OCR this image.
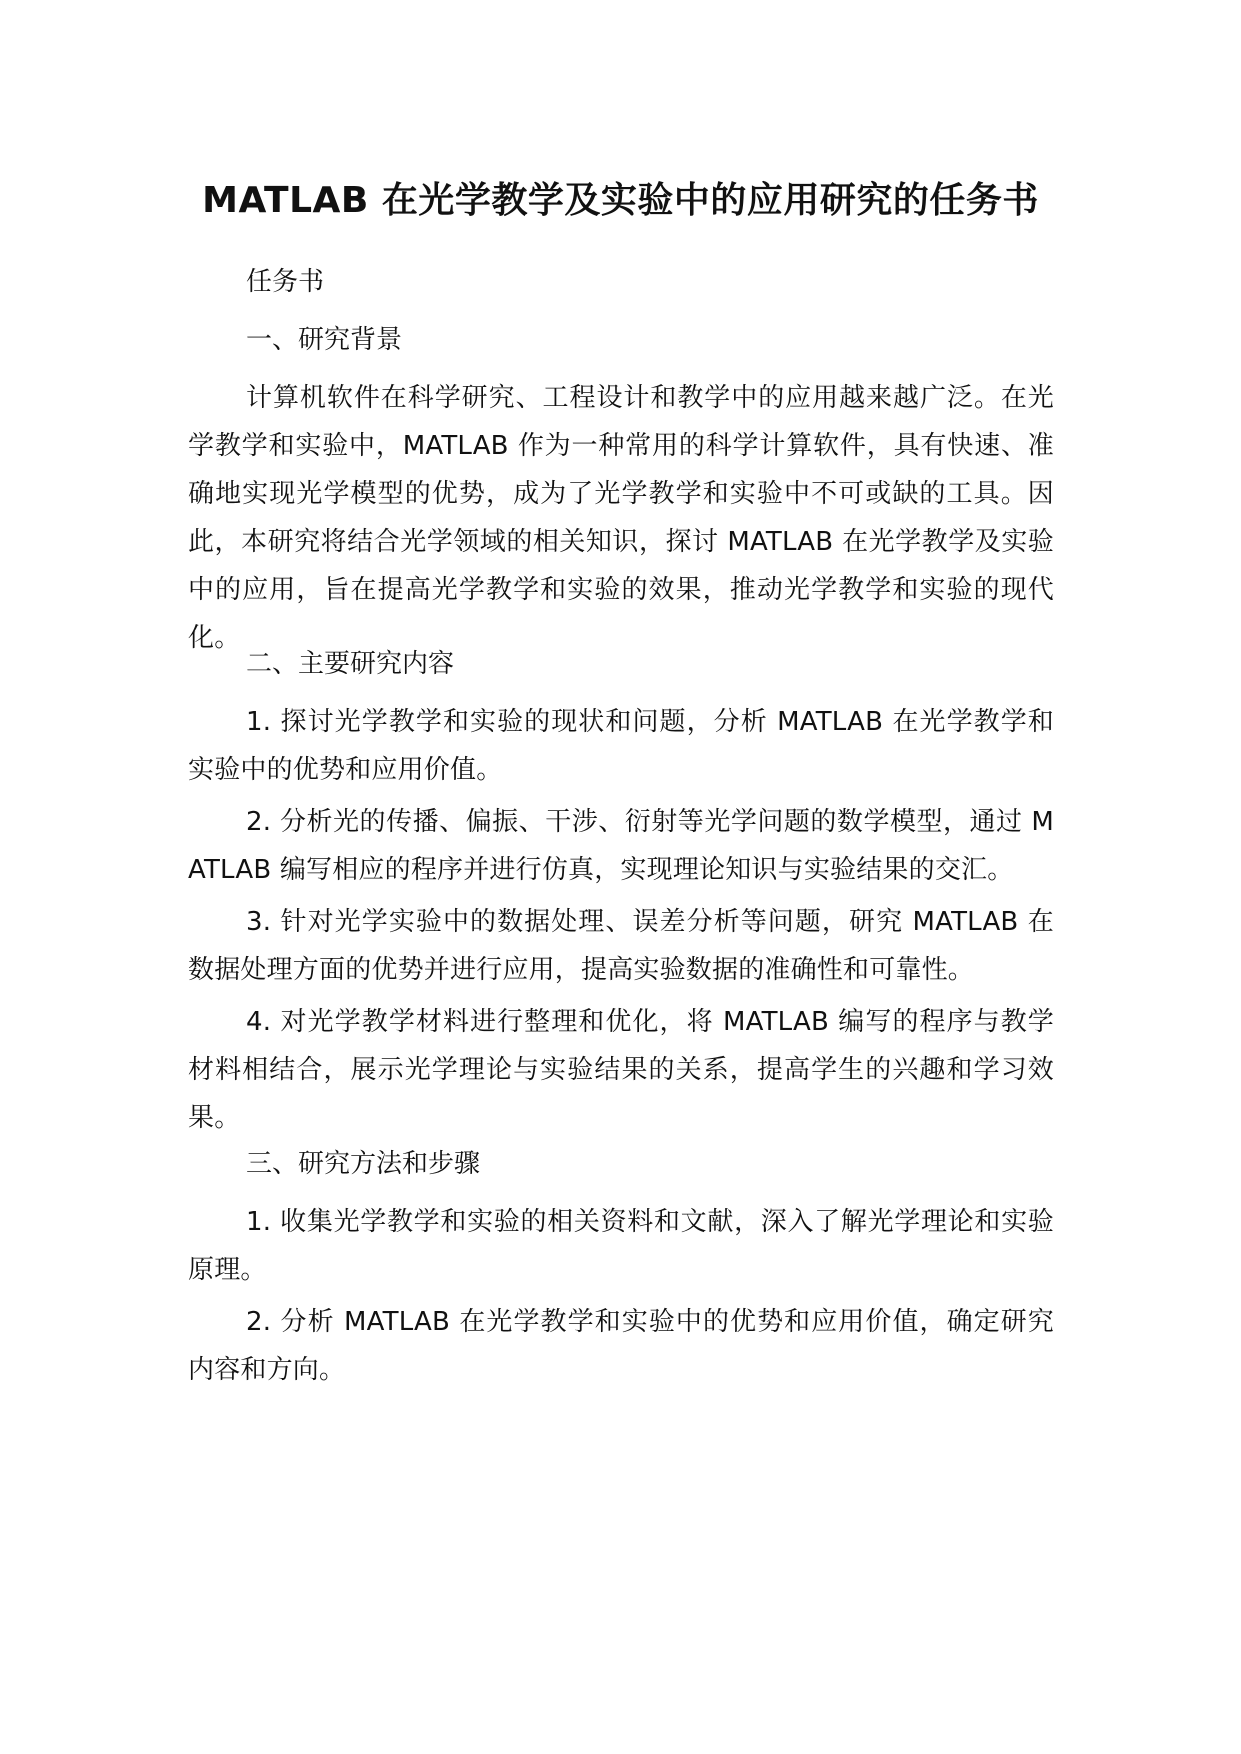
MATLAB 在光学教学及实验中的应用研究的任务书
任务书
一、研究背景
计算机软件在科学研究、工程设计和教学中的应用越来越广泛。在光学教学和实验中，MATLAB 作为一种常用的科学计算软件，具有快速、准确地实现光学模型的优势，成为了光学教学和实验中不可或缺的工具。因此，本研究将结合光学领域的相关知识，探讨 MATLAB 在光学教学及实验中的应用，旨在提高光学教学和实验的效果，推动光学教学和实验的现代化。
二、主要研究内容
1. 探讨光学教学和实验的现状和问题，分析 MATLAB 在光学教学和实验中的优势和应用价值。
2. 分析光的传播、偏振、干涉、衍射等光学问题的数学模型，通过 MATLAB 编写相应的程序并进行仿真，实现理论知识与实验结果的交汇。
3. 针对光学实验中的数据处理、误差分析等问题，研究 MATLAB 在数据处理方面的优势并进行应用，提高实验数据的准确性和可靠性。
4. 对光学教学材料进行整理和优化，将 MATLAB 编写的程序与教学材料相结合，展示光学理论与实验结果的关系，提高学生的兴趣和学习效果。
三、研究方法和步骤
1. 收集光学教学和实验的相关资料和文献，深入了解光学理论和实验原理。
2. 分析 MATLAB 在光学教学和实验中的优势和应用价值，确定研究内容和方向。
